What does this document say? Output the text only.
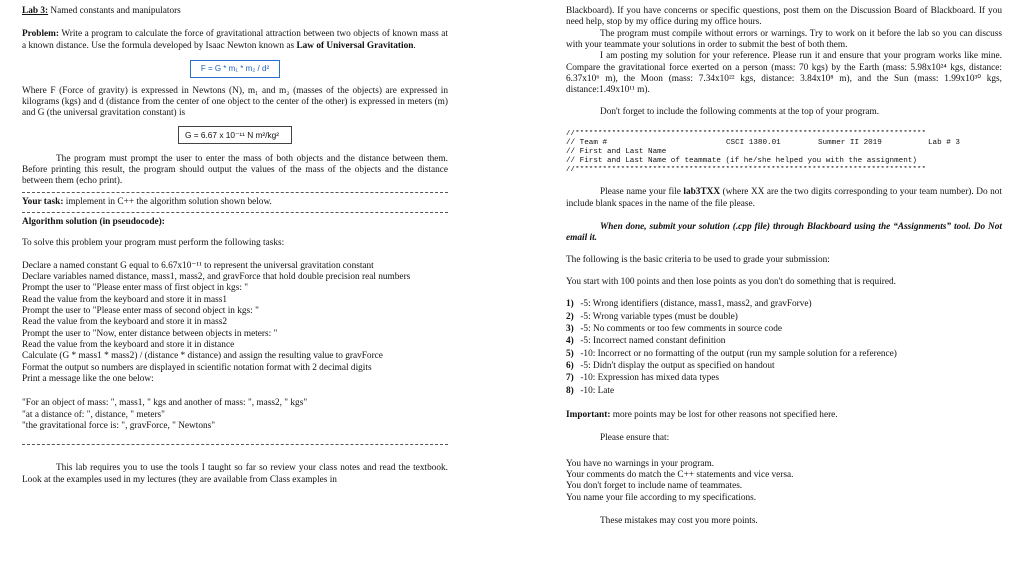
Lab 3: Named constants and manipulators

Problem: Write a program to calculate the force of gravitational attraction between two objects of known mass at a known distance. Use the formula developed by Isaac Newton known as Law of Universal Gravitation.

F = G * m₁ * m₂ / d²

Where F (Force of gravity) is expressed in Newtons (N), m₁ and m₂ (masses of the objects) are expressed in kilograms (kgs) and d (distance from the center of one object to the center of the other) is expressed in meters (m) and G (the universal gravitation constant) is

G = 6.67 x 10⁻¹¹ N m²/kg²

The program must prompt the user to enter the mass of both objects and the distance between them. Before printing this result, the program should output the values of the mass of the objects and the distance between them (echo print).

Your task: implement in C++ the algorithm solution shown below.

Algorithm solution (in pseudocode):

To solve this problem your program must perform the following tasks:

Declare a named constant G equal to 6.67x10⁻¹¹ to represent the universal gravitation constant

Declare variables named distance, mass1, mass2, and gravForce that hold double precision real numbers

Prompt the user to "Please enter mass of first object in kgs: "

Read the value from the keyboard and store it in mass1

Prompt the user to "Please enter mass of second object in kgs: "

Read the value from the keyboard and store it in mass2

Prompt the user to "Now, enter distance between objects in meters: "

Read the value from the keyboard and store it in distance

Calculate (G * mass1 * mass2) / (distance * distance) and assign the resulting value to gravForce

Format the output so numbers are displayed in scientific notation format with 2 decimal digits

Print a message like the one below:

"For an object of mass: ", mass1, " kgs and another of mass: ", mass2, " kgs"

"at a distance of: ", distance, " meters"

"the gravitational force is: ", gravForce, " Newtons"

This lab requires you to use the tools I taught so far so review your class notes and read the textbook. Look at the examples used in my lectures (they are available from Class examples in

Blackboard). If you have concerns or specific questions, post them on the Discussion Board of Blackboard. If you need help, stop by my office during my office hours.

The program must compile without errors or warnings. Try to work on it before the lab so you can discuss with your teammate your solutions in order to submit the best of both them.

I am posting my solution for your reference. Please run it and ensure that your program works like mine. Compare the gravitational force exerted on a person (mass: 70 kgs) by the Earth (mass: 5.98x10²⁴ kgs, distance: 6.37x10⁶ m), the Moon (mass: 7.34x10²² kgs, distance: 3.84x10⁸ m), and the Sun (mass: 1.99x10³⁰ kgs, distance:1.49x10¹¹ m).

Don't forget to include the following comments at the top of your program.

//*****************************************************************************
// Team #	CSCI 1380.01	Summer II 2019	Lab # 3
// First and Last Name
// First and Last Name of teammate (if he/she helped you with the assignment)
//*****************************************************************************

Please name your file lab3TXX (where XX are the two digits corresponding to your team number). Do not include blank spaces in the name of the file please.

When done, submit your solution (.cpp file) through Blackboard using the “Assignments” tool. Do Not email it.

The following is the basic criteria to be used to grade your submission:

You start with 100 points and then lose points as you don't do something that is required.

1) -5: Wrong identifiers (distance, mass1, mass2, and gravForve)
2) -5: Wrong variable types (must be double)
3) -5: No comments or too few comments in source code
4) -5: Incorrect named constant definition
5) -10: Incorrect or no formatting of the output (run my sample solution for a reference)
6) -5: Didn't display the output as specified on handout
7) -10: Expression has mixed data types
8) -10: Late

Important: more points may be lost for other reasons not specified here.

Please ensure that:

You have no warnings in your program.

Your comments do match the C++ statements and vice versa.

You don't forget to include name of teammates.

You name your file according to my specifications.

These mistakes may cost you more points.
